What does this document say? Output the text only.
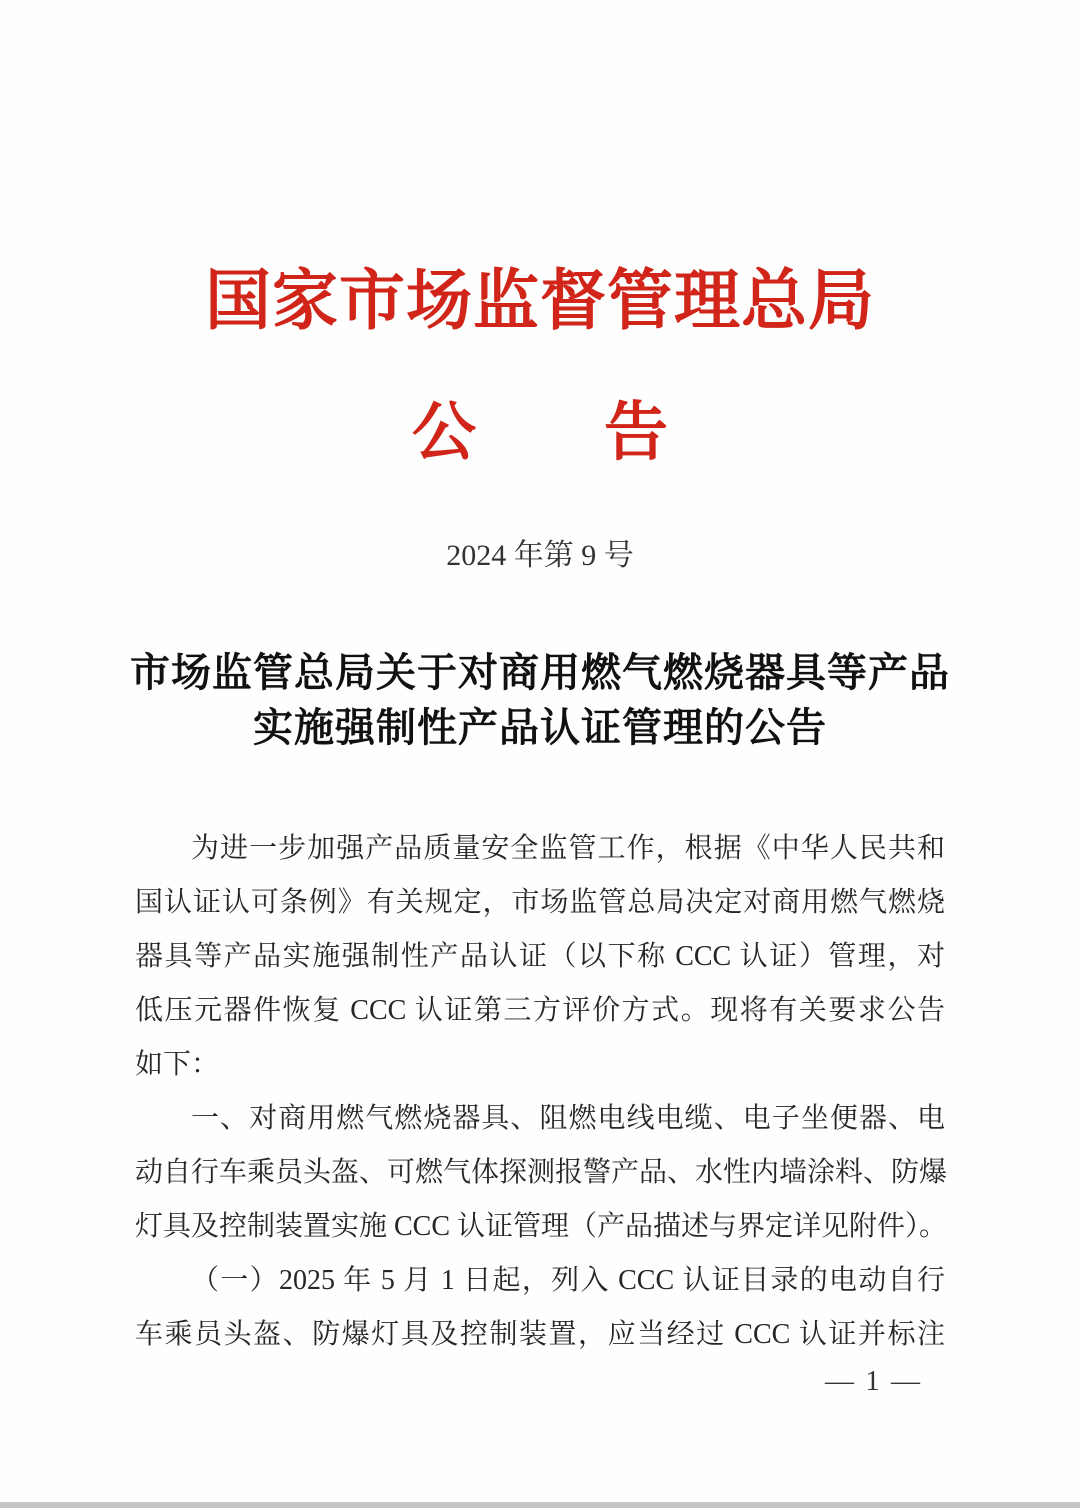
国家市场监督管理总局
公　　告
2024 年第 9 号
市场监管总局关于对商用燃气燃烧器具等产品
实施强制性产品认证管理的公告
为进一步加强产品质量安全监管工作，根据《中华人民共和
国认证认可条例》有关规定，市场监管总局决定对商用燃气燃烧
器具等产品实施强制性产品认证（以下称 CCC 认证）管理，对
低压元器件恢复 CCC 认证第三方评价方式。现将有关要求公告
如下：
一、对商用燃气燃烧器具、阻燃电线电缆、电子坐便器、电
动自行车乘员头盔、可燃气体探测报警产品、水性内墙涂料、防爆
灯具及控制装置实施 CCC 认证管理（产品描述与界定详见附件）。
（一）2025 年 5 月 1 日起，列入 CCC 认证目录的电动自行
车乘员头盔、防爆灯具及控制装置，应当经过 CCC 认证并标注
— 1 —
